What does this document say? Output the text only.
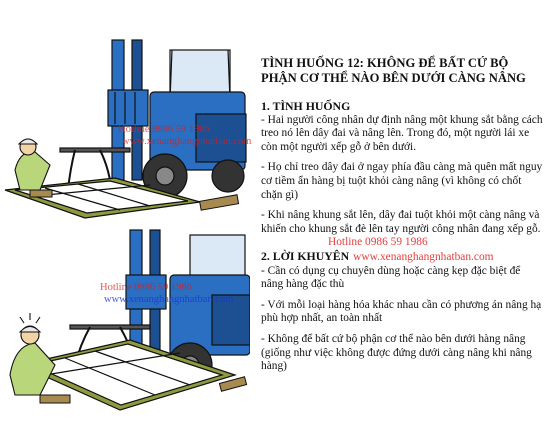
Hotline 0986 59 1986
www.xenanghangnhatban.com
Hotline 0986 59 1986
www.xenanghangnhatban.com

TÌNH HUỐNG 12: KHÔNG ĐỂ BẤT CỨ BỘ PHẬN CƠ THỂ NÀO BÊN DƯỚI CÀNG NÂNG

1. TÌNH HUỐNG

- Hai người công nhân dự định nâng một khung sắt bằng cách treo nó lên dây đai và nâng lên. Trong đó, một người lái xe còn một người xếp gỗ ở bên dưới.

- Họ chỉ treo dây đai ở ngay phía đầu càng mà quên mất nguy cơ tiềm ẩn hàng bị tuột khỏi càng nâng (vì không có chốt chặn gì)

- Khi nâng khung sắt lên, dây đai tuột khỏi một càng nâng và khiến cho khung sắt đè lên tay người công nhân đang xếp gỗ.

Hotline 0986 59 1986
2. LỜI KHUYÊN www.xenanghangnhatban.com

- Cần có dụng cụ chuyên dùng hoặc càng kẹp đặc biệt để nâng hàng đặc thù

- Với mỗi loại hàng hóa khác nhau cần có phương án nâng hạ phù hợp nhất, an toàn nhất

- Không để bất cứ bộ phận cơ thể nào bên dưới hàng nâng (giống như việc không được đứng dưới càng nâng khi nâng hàng)
